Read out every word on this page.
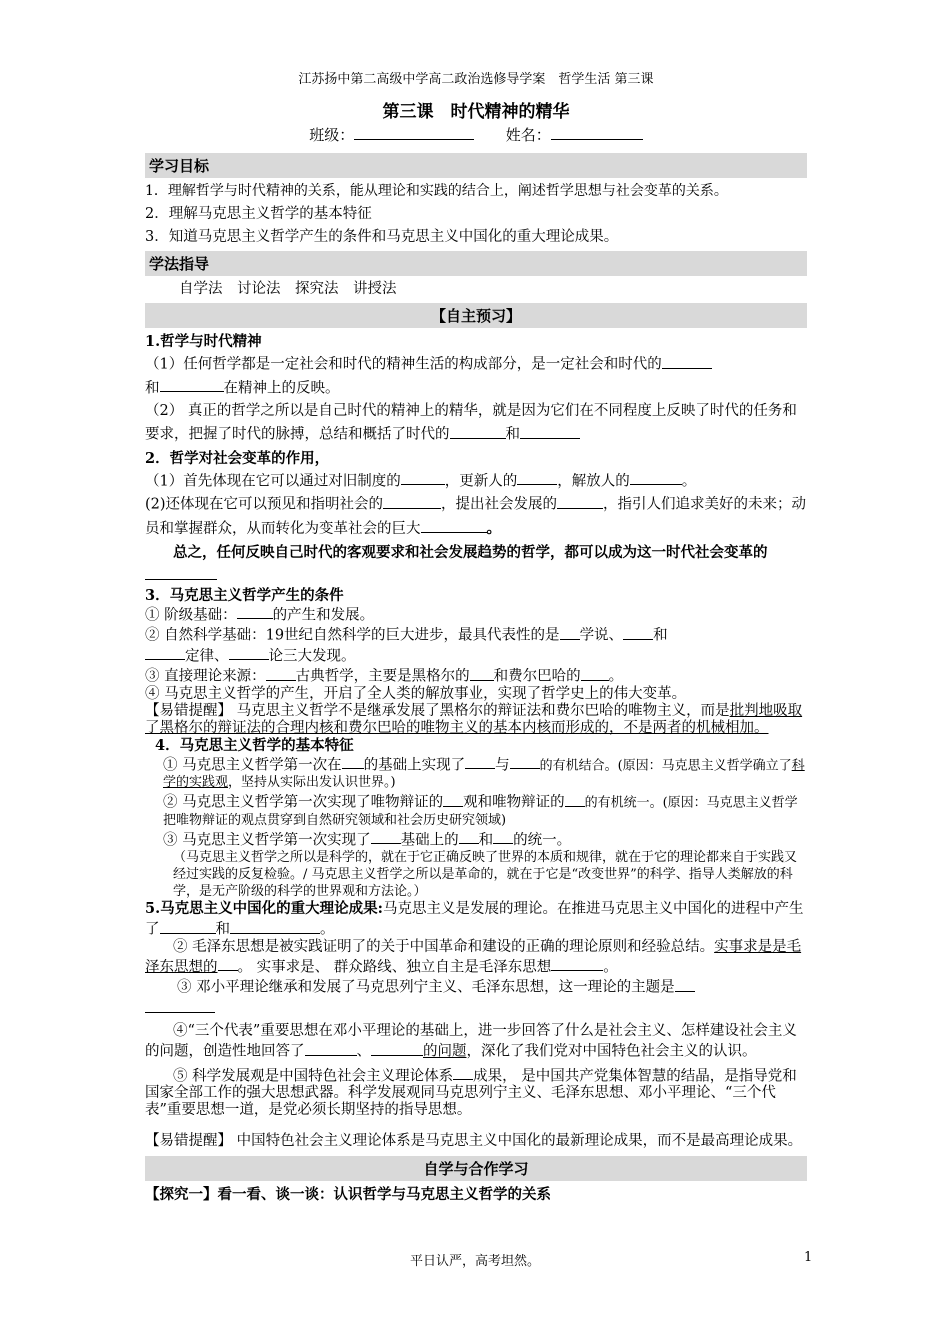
江苏扬中第二高级中学高二政治选修导学案　哲学生活 第三课
第三课　时代精神的精华
班级：	姓名：
学习目标

1．理解哲学与时代精神的关系，能从理论和实践的结合上，阐述哲学思想与社会变革的关系。

2．理解马克思主义哲学的基本特征

3．知道马克思主义哲学产生的条件和马克思主义中国化的重大理论成果。

学法指导

自学法　讨论法　探究法　讲授法

【自主预习】

1.哲学与时代精神

（1）任何哲学都是一定社会和时代的精神生活的构成部分，是一定社会和时代的
和	在精神上的反映。

（2） 真正的哲学之所以是自己时代的精神上的精华，就是因为它们在不同程度上反映了时代的任务和要求，把握了时代的脉搏，总结和概括了时代的	和

2．哲学对社会变革的作用，

（1）首先体现在它可以通过对旧制度的	，更新人的	，解放人的	。

(2)还体现在它可以预见和指明社会的	，提出社会发展的	，指引人们追求美好的未来；动员和掌握群众，从而转化为变革社会的巨大	。

总之，任何反映自己时代的客观要求和社会发展趋势的哲学，都可以成为这一时代社会变革的

3．马克思主义哲学产生的条件

① 阶级基础： 的产生和发展。

② 自然科学基础：19世纪自然科学的巨大进步，最具代表性的是 学说、 和
定律、	论三大发现。

③ 直接理论来源： 古典哲学，主要是黑格尔的 和费尔巴哈的 。

④ 马克思主义哲学的产生，开启了全人类的解放事业，实现了哲学史上的伟大变革。

【易错提醒】 马克思主义哲学不是继承发展了黑格尔的辩证法和费尔巴哈的唯物主义，而是批判地吸取了黑格尔的辩证法的合理内核和费尔巴哈的唯物主义的基本内核而形成的，不是两者的机械相加。

4．马克思主义哲学的基本特征

① 马克思主义哲学第一次在 的基础上实现了 与 的有机结合。(原因：马克思主义哲学确立了科学的实践观，坚持从实际出发认识世界。)

② 马克思主义哲学第一次实现了唯物辩证的 观和唯物辩证的 的有机统一。(原因：马克思主义哲学把唯物辩证的观点贯穿到自然研究领域和社会历史研究领域)

③ 马克思主义哲学第一次实现了 基础上的 和 的统一。

（马克思主义哲学之所以是科学的，就在于它正确反映了世界的本质和规律，就在于它的理论都来自于实践又经过实践的反复检验。/ 马克思主义哲学之所以是革命的，就在于它是“改变世界”的科学、指导人类解放的科学，是无产阶级的科学的世界观和方法论。）

5.马克思主义中国化的重大理论成果:马克思主义是发展的理论。在推进马克思主义中国化的进程中产生了	和	。

② 毛泽东思想是被实践证明了的关于中国革命和建设的正确的理论原则和经验总结。实事求是是毛泽东思想的 。 实事求是、 群众路线、独立自主是毛泽东思想	。

③ 邓小平理论继承和发展了马克思列宁主义、毛泽东思想，这一理论的主题是

④“三个代表”重要思想在邓小平理论的基础上，进一步回答了什么是社会主义、怎样建设社会主义的问题，创造性地回答了	、	的问题，深化了我们党对中国特色社会主义的认识。

⑤ 科学发展观是中国特色社会主义理论体系 成果， 是中国共产党集体智慧的结晶，是指导党和国家全部工作的强大思想武器。科学发展观同马克思列宁主义、毛泽东思想、邓小平理论、“三个代表”重要思想一道，是党必须长期坚持的指导思想。

【易错提醒】 中国特色社会主义理论体系是马克思主义中国化的最新理论成果，而不是最高理论成果。

自学与合作学习

【探究一】看一看、谈一谈：认识哲学与马克思主义哲学的关系

平日认严，高考坦然。	1
